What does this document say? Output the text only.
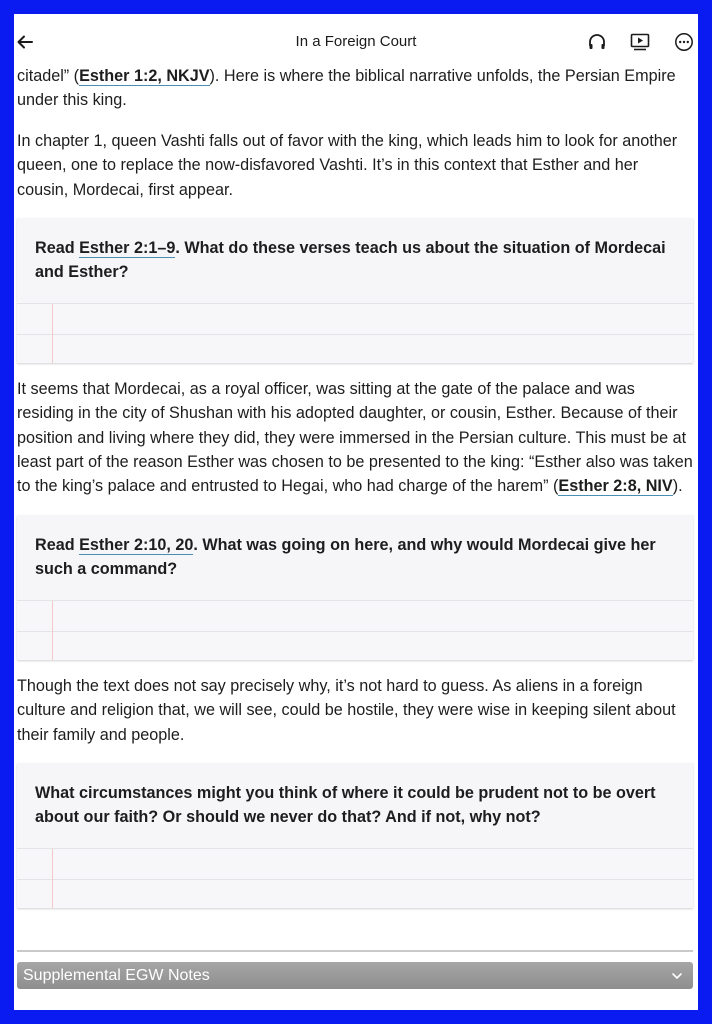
In a Foreign Court

citadel” (Esther 1:2, NKJV). Here is where the biblical narrative unfolds, the Persian Empire under this king.

In chapter 1, queen Vashti falls out of favor with the king, which leads him to look for another queen, one to replace the now-disfavored Vashti. It’s in this context that Esther and her cousin, Mordecai, first appear.

Read Esther 2:1–9. What do these verses teach us about the situation of Mordecai and Esther?

It seems that Mordecai, as a royal officer, was sitting at the gate of the palace and was residing in the city of Shushan with his adopted daughter, or cousin, Esther. Because of their position and living where they did, they were immersed in the Persian culture. This must be at least part of the reason Esther was chosen to be presented to the king: “Esther also was taken to the king’s palace and entrusted to Hegai, who had charge of the harem” (Esther 2:8, NIV).

Read Esther 2:10, 20. What was going on here, and why would Mordecai give her such a command?

Though the text does not say precisely why, it’s not hard to guess. As aliens in a foreign culture and religion that, we will see, could be hostile, they were wise in keeping silent about their family and people.

What circumstances might you think of where it could be prudent not to be overt about our faith? Or should we never do that? And if not, why not?
Supplemental EGW Notes
